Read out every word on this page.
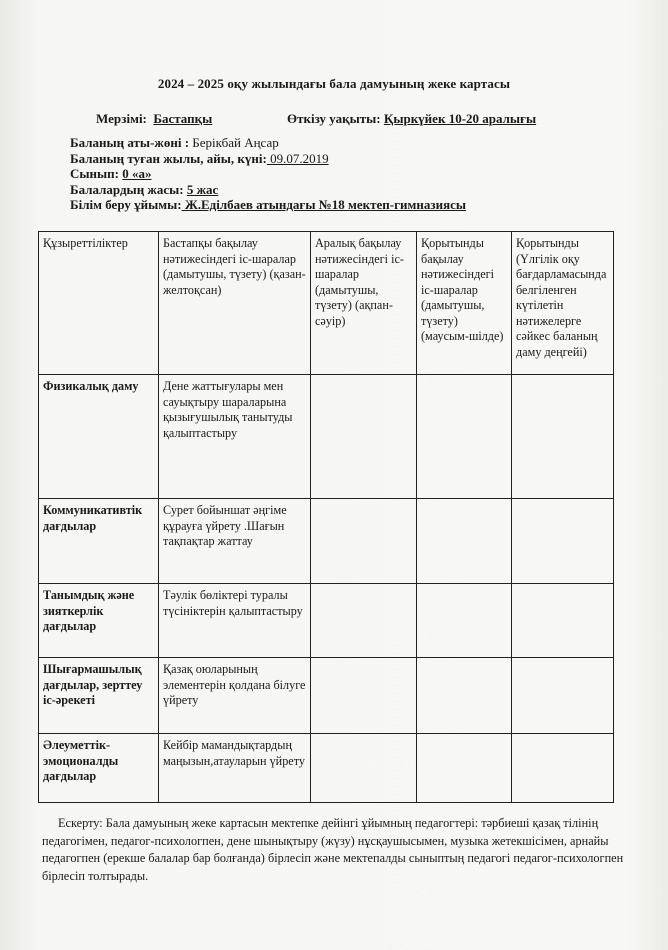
2024 – 2025 оқу жылындағы бала дамуының жеке картасы
Мерзімі: Бастапқы	Өткізу уақыты: Қыркүйек 10-20 аралығы
Баланың аты-жөні : Берікбай Аңсар
Баланың туған жылы, айы, күні: 09.07.2019
Сынып: 0 «а»
Балалардың жасы: 5 жас
Білім беру ұйымы: Ж.Еділбаев атындағы №18 мектеп-гимназиясы
Құзыреттіліктер	Бастапқы бақылау нәтижесіндегі іс-шаралар (дамытушы, түзету) (қазан-желтоқсан)	Аралық бақылау нәтижесіндегі іс-шаралар (дамытушы, түзету) (ақпан-сәуір)	Қорытынды бақылау нәтижесіндегі іс-шаралар (дамытушы, түзету) (маусым-шілде)	Қорытынды (Үлгілік оқу бағдарламасында белгіленген күтілетін нәтижелерге сәйкес баланың даму деңгейі)
Физикалық даму	Дене жаттығулары мен сауықтыру шараларына қызығушылық танытуды қалыптастыру			
Коммуникативтік дағдылар	Сурет бойыншат әңгіме құрауға үйрету .Шағын тақпақтар жаттау			
Танымдық және зияткерлік дағдылар	Тәулік бөліктері туралы түсініктерін қалыптастыру			
Шығармашылық дағдылар, зерттеу іс-әрекеті	Қазақ оюларының элементерін қолдана білуге үйрету			
Әлеуметтік-эмоционалды дағдылар	Кейбір мамандықтардың маңызын,атауларын үйрету			
Ескерту: Бала дамуының жеке картасын мектепке дейінгі ұйымның педагогтері: тәрбиеші қазақ тілінің педагогімен, педагог-психологпен, дене шынықтыру (жүзу) нұсқаушысымен, музыка жетекшісімен, арнайы педагогпен (ерекше балалар бар болғанда) бірлесіп және мектепалды сыныптың педагогі педагог-психологпен бірлесіп толтырады.
